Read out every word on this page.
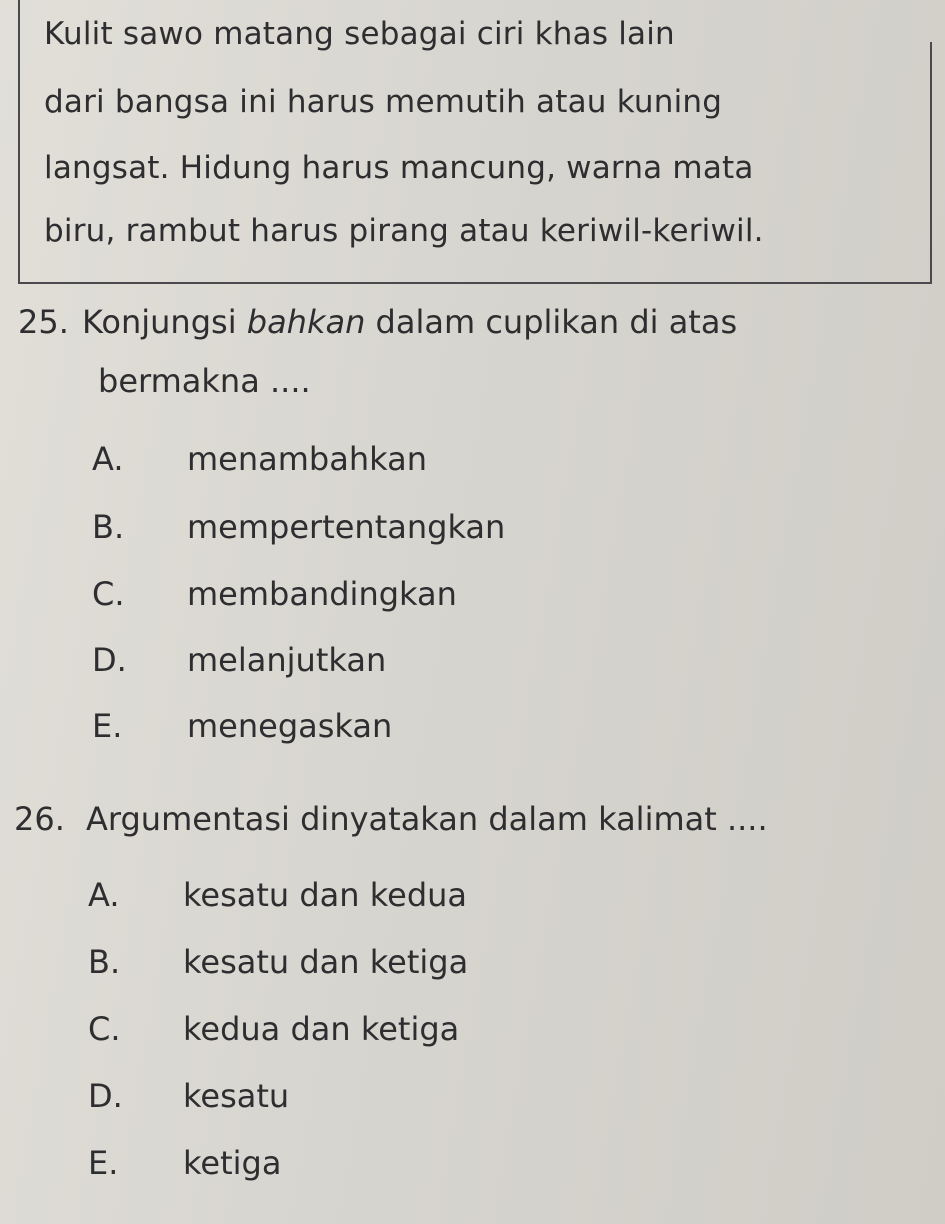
Kulit sawo matang sebagai ciri khas lain
dari bangsa ini harus memutih atau kuning
langsat. Hidung harus mancung, warna mata
biru, rambut harus pirang atau keriwil-keriwil.
25. Konjungsi bahkan dalam cuplikan di atas
bermakna ....
A. menambahkan
B. mempertentangkan
C. membandingkan
D. melanjutkan
E. menegaskan
26. Argumentasi dinyatakan dalam kalimat ....
A. kesatu dan kedua
B. kesatu dan ketiga
C. kedua dan ketiga
D. kesatu
E. ketiga
